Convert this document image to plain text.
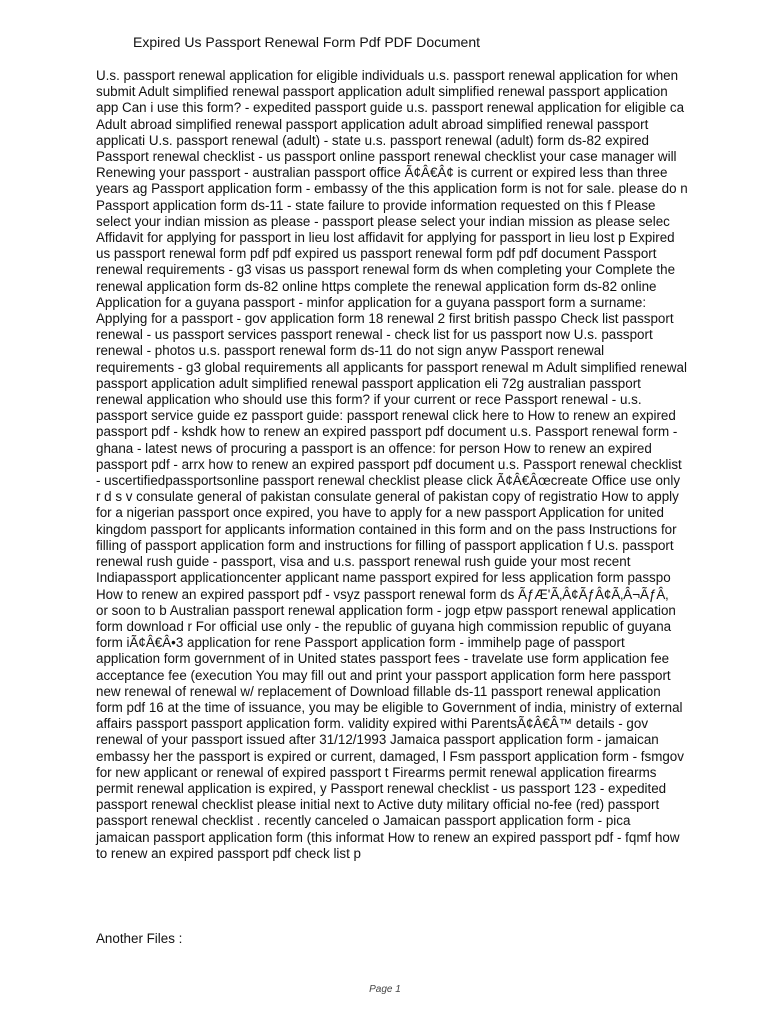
Expired Us Passport Renewal Form Pdf PDF Document
U.s. passport renewal application for eligible individuals u.s. passport renewal application for when
submit Adult simplified renewal passport application adult simplified renewal passport application
app Can i use this form? - expedited passport guide u.s. passport renewal application for eligible ca
Adult abroad simplified renewal passport application adult abroad simplified renewal passport
applicati U.s. passport renewal (adult) - state u.s. passport renewal (adult) form ds-82 expired
Passport renewal checklist - us passport online passport renewal checklist your case manager will
Renewing your passport - australian passport office Ã¢Â€Â¢ is current or expired less than three
years ag Passport application form - embassy of the this application form is not for sale. please do n
Passport application form ds-11 - state failure to provide information requested on this f Please
select your indian mission as please - passport please select your indian mission as please selec
Affidavit for applying for passport in lieu lost affidavit for applying for passport in lieu lost p Expired
us passport renewal form pdf pdf expired us passport renewal form pdf pdf document Passport
renewal requirements - g3 visas us passport renewal form ds when completing your Complete the
renewal application form ds-82 online https complete the renewal application form ds-82 online
Application for a guyana passport - minfor application for a guyana passport form a surname:
Applying for a passport - gov application form 18 renewal 2 first british passpo Check list passport
renewal - us passport services passport renewal - check list for us passport now U.s. passport
renewal - photos u.s. passport renewal form ds-11 do not sign anyw Passport renewal
requirements - g3 global requirements all applicants for passport renewal m Adult simplified renewal
passport application adult simplified renewal passport application eli 72g australian passport
renewal application who should use this form? if your current or rece Passport renewal - u.s.
passport service guide ez passport guide: passport renewal click here to How to renew an expired
passport pdf - kshdk how to renew an expired passport pdf document u.s. Passport renewal form -
ghana - latest news of procuring a passport is an offence: for person How to renew an expired
passport pdf - arrx how to renew an expired passport pdf document u.s. Passport renewal checklist
- uscertifiedpassportsonline passport renewal checklist please click Ã¢Â€Âœcreate Office use only
r d s v consulate general of pakistan consulate general of pakistan copy of registratio How to apply
for a nigerian passport once expired, you have to apply for a new passport Application for united
kingdom passport for applicants information contained in this form and on the pass Instructions for
filling of passport application form and instructions for filling of passport application f U.s. passport
renewal rush guide - passport, visa and u.s. passport renewal rush guide your most recent
Indiapassport applicationcenter applicant name passport expired for less application form passpo
How to renew an expired passport pdf - vsyz passport renewal form ds ÃƒÆ'Ã‚Â¢ÃƒÂ¢Ã‚Â¬ÃƒÂ‚
or soon to b Australian passport renewal application form - jogp etpw passport renewal application
form download r For official use only - the republic of guyana high commission republic of guyana
form iÃ¢Â€Â•3 application for rene Passport application form - immihelp page of passport
application form government of in United states passport fees - travelate use form application fee
acceptance fee (execution You may fill out and print your passport application form here passport
new renewal of renewal w/ replacement of Download fillable ds-11 passport renewal application
form pdf 16 at the time of issuance, you may be eligible to Government of india, ministry of external
affairs passport passport application form. validity expired withi ParentsÃ¢Â€Â™ details - gov
renewal of your passport issued after 31/12/1993 Jamaica passport application form - jamaican
embassy her the passport is expired or current, damaged, l Fsm passport application form - fsmgov
for new applicant or renewal of expired passport t Firearms permit renewal application firearms
permit renewal application is expired, y Passport renewal checklist - us passport 123 - expedited
passport renewal checklist please initial next to Active duty military official no-fee (red) passport
passport renewal checklist . recently canceled o Jamaican passport application form - pica
jamaican passport application form (this informat How to renew an expired passport pdf - fqmf how
to renew an expired passport pdf check list p
Another Files :
Page 1
